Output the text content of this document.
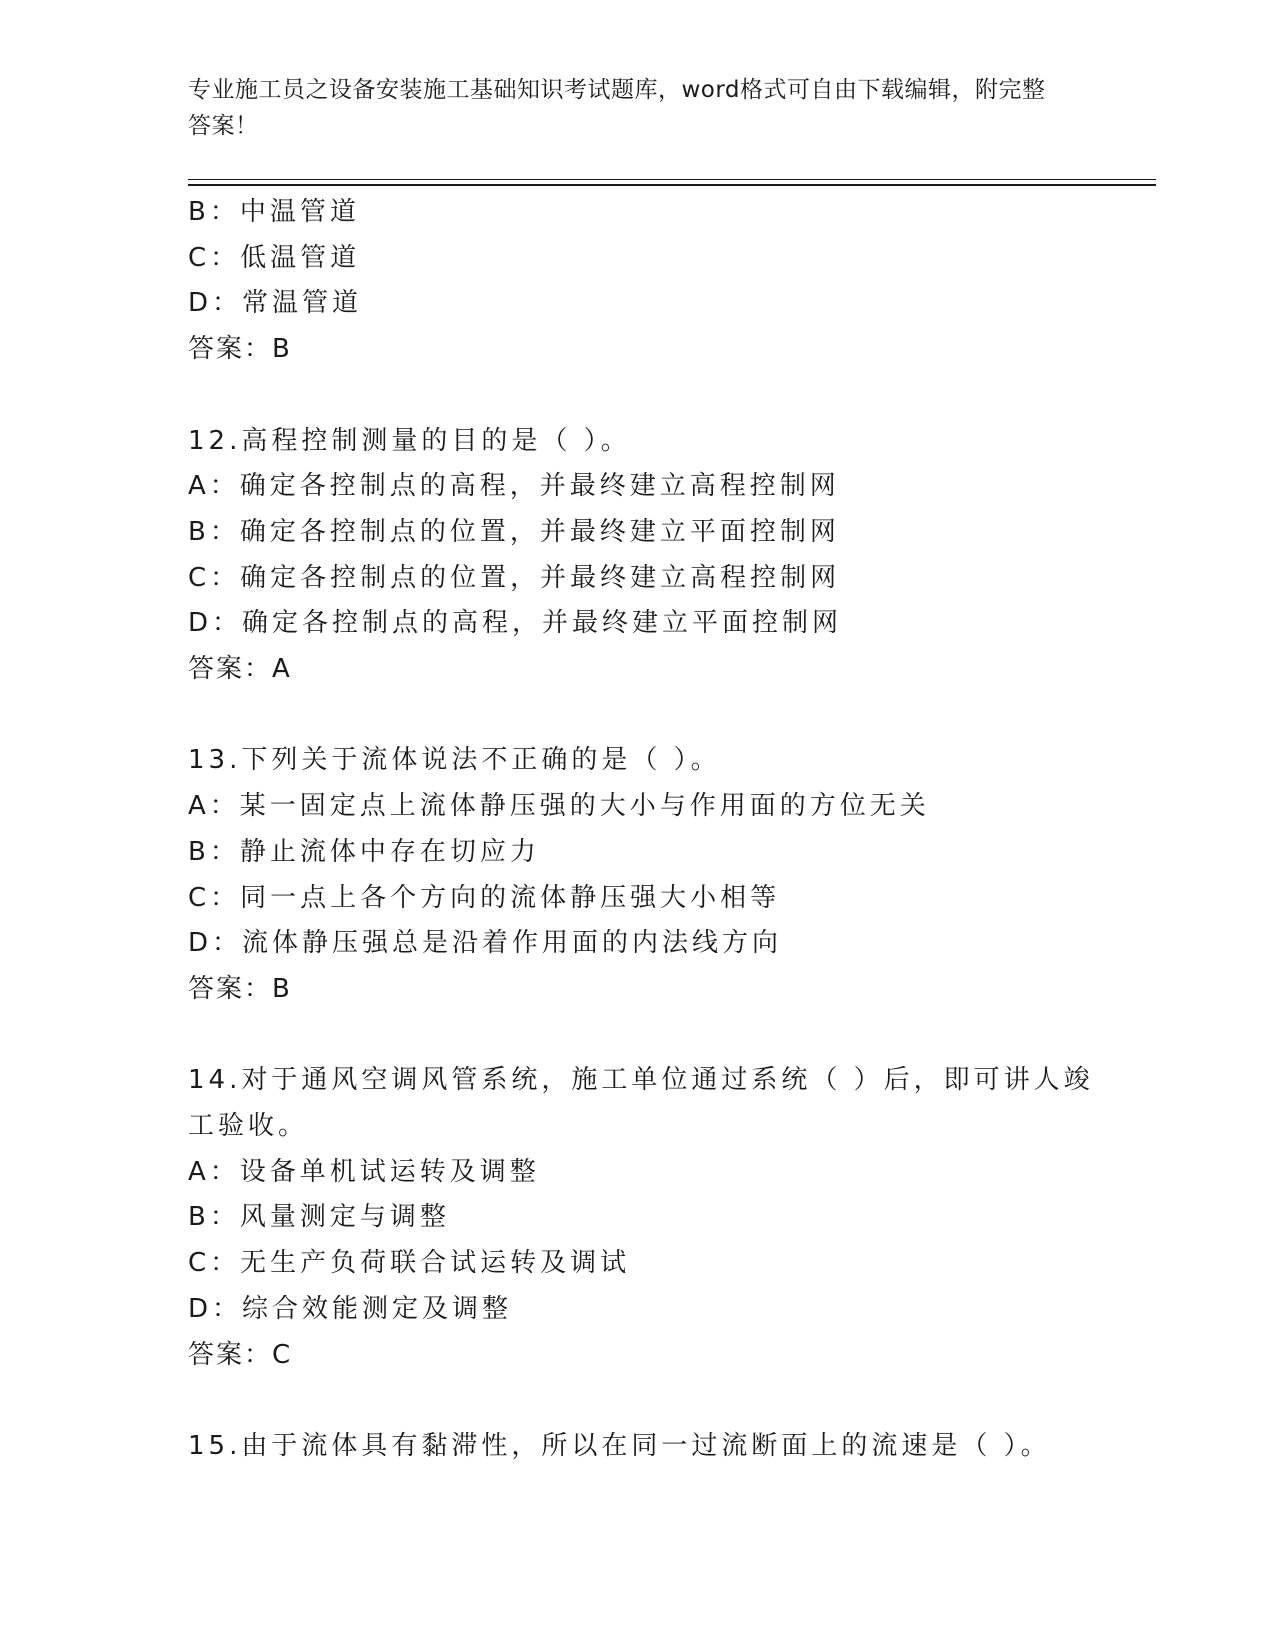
专业施工员之设备安装施工基础知识考试题库，word格式可自由下载编辑，附完整答案！
B：中温管道
C：低温管道
D：常温管道
答案：B
12.高程控制测量的目的是（ ）。
A：确定各控制点的高程，并最终建立高程控制网
B：确定各控制点的位置，并最终建立平面控制网
C：确定各控制点的位置，并最终建立高程控制网
D：确定各控制点的高程，并最终建立平面控制网
答案：A
13.下列关于流体说法不正确的是（ ）。
A：某一固定点上流体静压强的大小与作用面的方位无关
B：静止流体中存在切应力
C：同一点上各个方向的流体静压强大小相等
D：流体静压强总是沿着作用面的内法线方向
答案：B
14.对于通风空调风管系统，施工单位通过系统（ ）后，即可讲人竣
工验收。
A：设备单机试运转及调整
B：风量测定与调整
C：无生产负荷联合试运转及调试
D：综合效能测定及调整
答案：C
15.由于流体具有黏滞性，所以在同一过流断面上的流速是（ ）。
